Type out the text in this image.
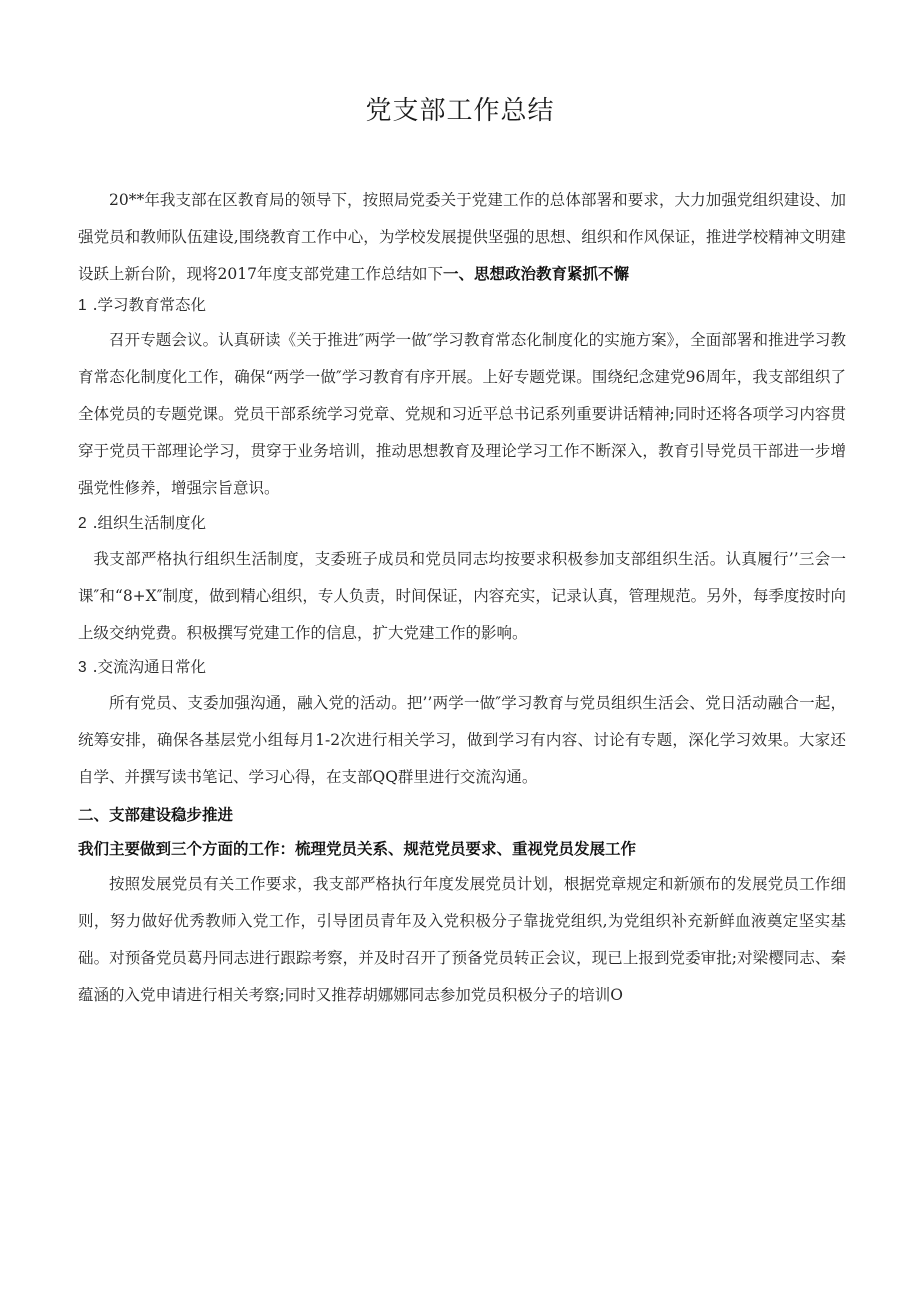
党支部工作总结
20**年我支部在区教育局的领导下，按照局党委关于党建工作的总体部署和要求，大力加强党组织建设、加强党员和教师队伍建设,围绕教育工作中心，为学校发展提供坚强的思想、组织和作风保证，推进学校精神文明建设跃上新台阶，现将2017年度支部党建工作总结如下一、思想政治教育紧抓不懈
1 .学习教育常态化
召开专题会议。认真研读《关于推进″两学一做″学习教育常态化制度化的实施方案》，全面部署和推进学习教育常态化制度化工作，确保“两学一做″学习教育有序开展。上好专题党课。围绕纪念建党96周年，我支部组织了全体党员的专题党课。党员干部系统学习党章、党规和习近平总书记系列重要讲话精神;同时还将各项学习内容贯穿于党员干部理论学习，贯穿于业务培训，推动思想教育及理论学习工作不断深入，教育引导党员干部进一步增强党性修养，增强宗旨意识。
2 .组织生活制度化
我支部严格执行组织生活制度，支委班子成员和党员同志均按要求积极参加支部组织生活。认真履行’’三会一课″和“8+X″制度，做到精心组织，专人负责，时间保证，内容充实，记录认真，管理规范。另外，每季度按时向上级交纳党费。积极撰写党建工作的信息，扩大党建工作的影响。
3 .交流沟通日常化
所有党员、支委加强沟通，融入党的活动。把’’两学一做″学习教育与党员组织生活会、党日活动融合一起，统筹安排，确保各基层党小组每月1-2次进行相关学习，做到学习有内容、讨论有专题，深化学习效果。大家还自学、并撰写读书笔记、学习心得，在支部QQ群里进行交流沟通。
二、支部建设稳步推进
我们主要做到三个方面的工作：梳理党员关系、规范党员要求、重视党员发展工作
按照发展党员有关工作要求，我支部严格执行年度发展党员计划，根据党章规定和新颁布的发展党员工作细则，努力做好优秀教师入党工作，引导团员青年及入党积极分子靠拢党组织,为党组织补充新鲜血液奠定坚实基础。对预备党员葛丹同志进行跟踪考察，并及时召开了预备党员转正会议，现已上报到党委审批;对梁樱同志、秦蕴涵的入党申请进行相关考察;同时又推荐胡娜娜同志参加党员积极分子的培训O
